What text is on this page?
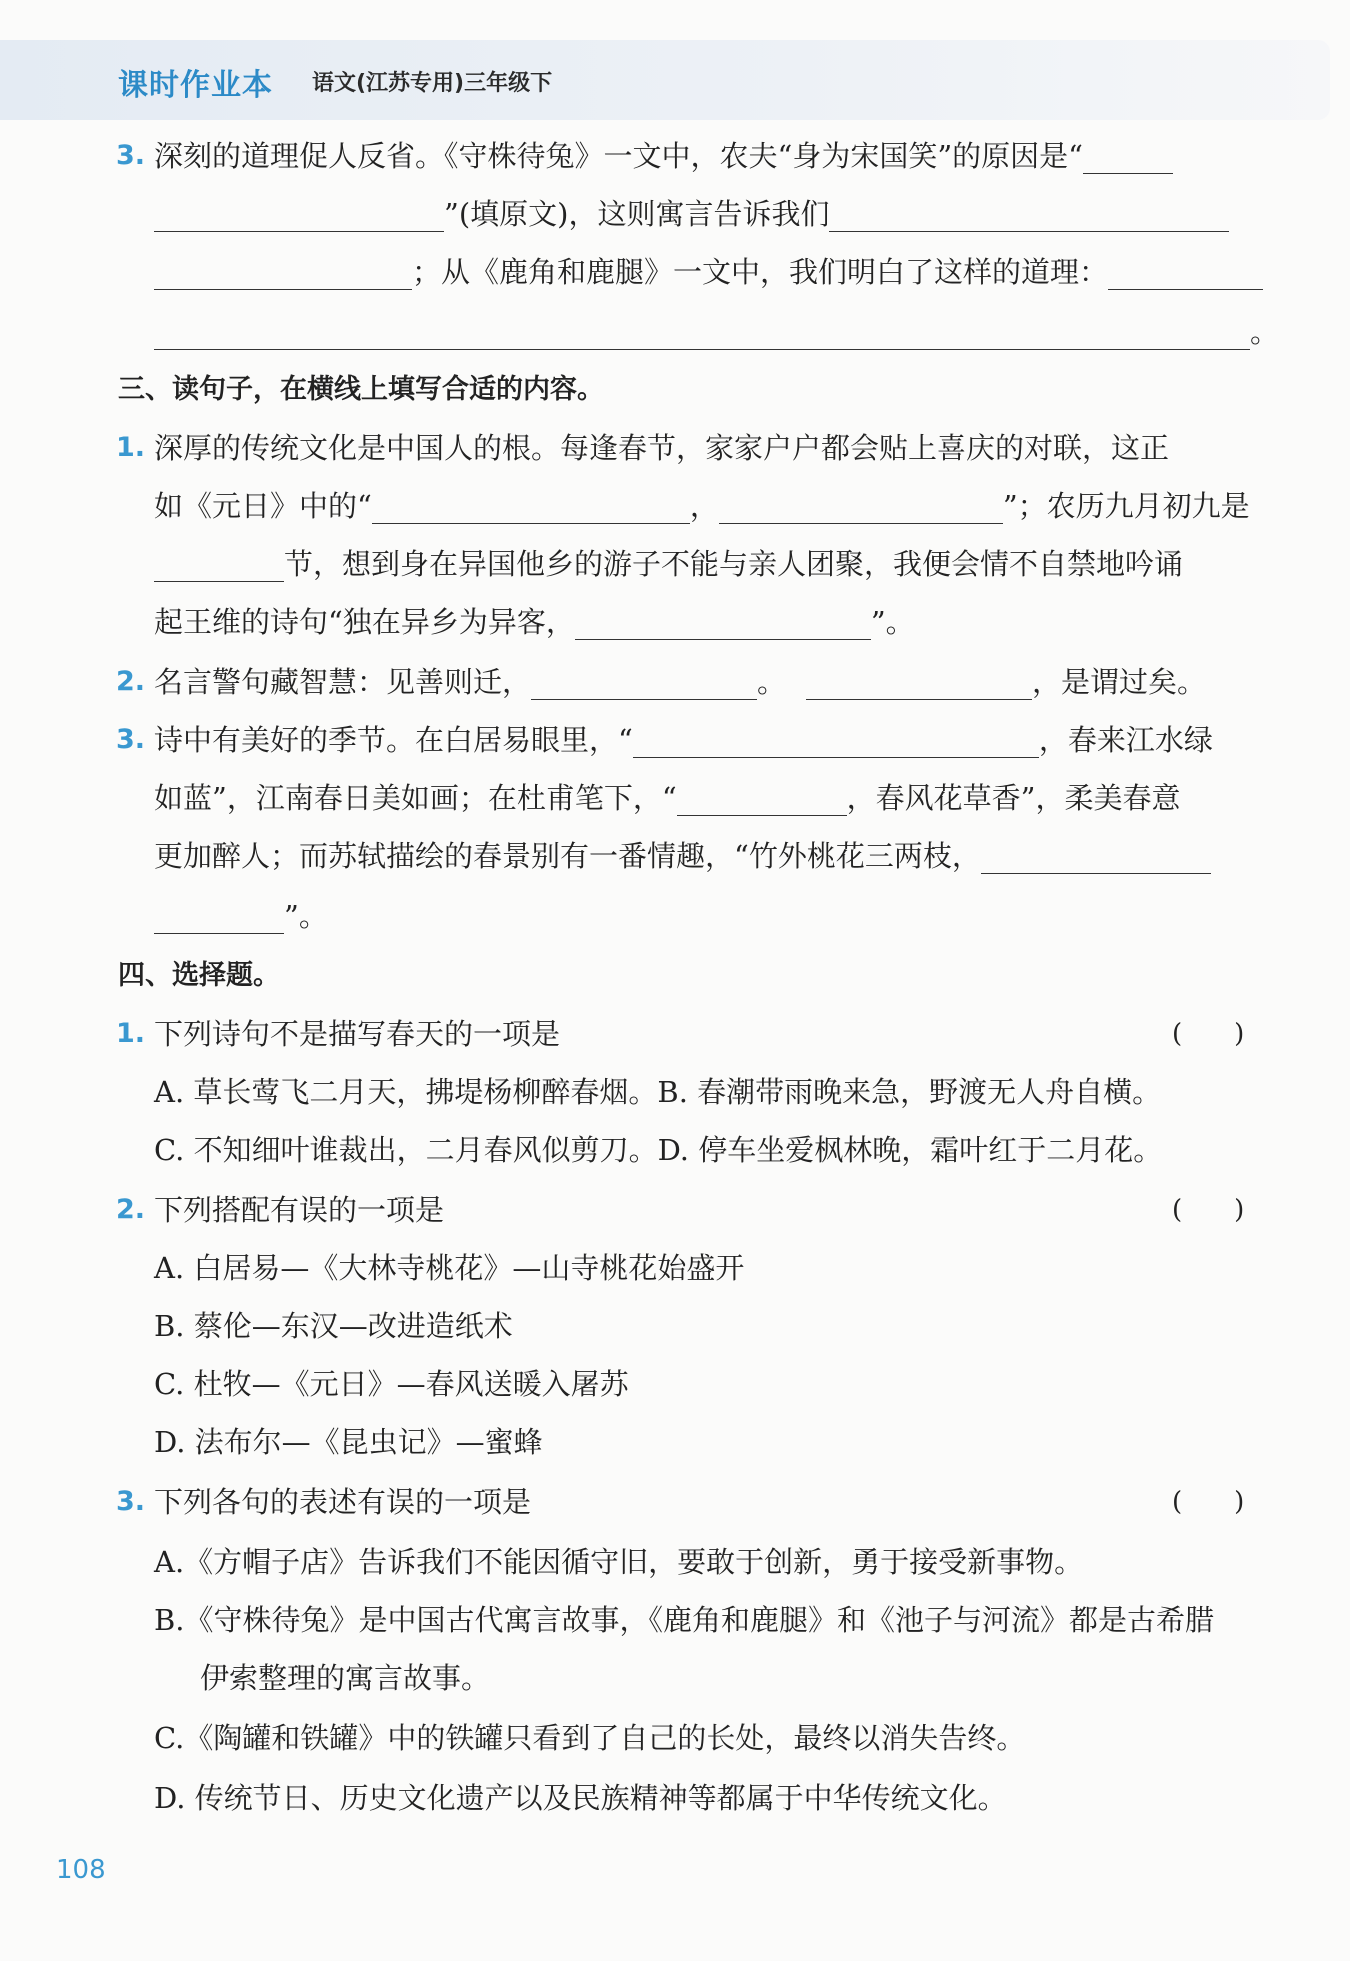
课时作业本 语文(江苏专用)三年级下
3. 深刻的道理促人反省。《守株待兔》一文中，农夫“身为宋国笑”的原因是“
”(填原文)，这则寓言告诉我们
；从《鹿角和鹿腿》一文中，我们明白了这样的道理：
。
三、读句子，在横线上填写合适的内容。
1. 深厚的传统文化是中国人的根。每逢春节，家家户户都会贴上喜庆的对联，这正
如《元日》中的“	，	”；农历九月初九是
节，想到身在异国他乡的游子不能与亲人团聚，我便会情不自禁地吟诵
起王维的诗句“独在异乡为异客，	”。
2. 名言警句藏智慧：见善则迁，	。	，是谓过矣。
3. 诗中有美好的季节。在白居易眼里，“	，春来江水绿
如蓝”，江南春日美如画；在杜甫笔下，“	，春风花草香”，柔美春意
更加醉人；而苏轼描绘的春景别有一番情趣，“竹外桃花三两枝，
”。
四、选择题。
1. 下列诗句不是描写春天的一项是	(　　)
A. 草长莺飞二月天，拂堤杨柳醉春烟。B. 春潮带雨晚来急，野渡无人舟自横。
C. 不知细叶谁裁出，二月春风似剪刀。D. 停车坐爱枫林晚，霜叶红于二月花。
2. 下列搭配有误的一项是	(　　)
A. 白居易—《大林寺桃花》—山寺桃花始盛开
B. 蔡伦—东汉—改进造纸术
C. 杜牧—《元日》—春风送暖入屠苏
D. 法布尔—《昆虫记》—蜜蜂
3. 下列各句的表述有误的一项是	(　　)
A.《方帽子店》告诉我们不能因循守旧，要敢于创新，勇于接受新事物。
B.《守株待兔》是中国古代寓言故事，《鹿角和鹿腿》和《池子与河流》都是古希腊
伊索整理的寓言故事。
C.《陶罐和铁罐》中的铁罐只看到了自己的长处，最终以消失告终。
D. 传统节日、历史文化遗产以及民族精神等都属于中华传统文化。
108
